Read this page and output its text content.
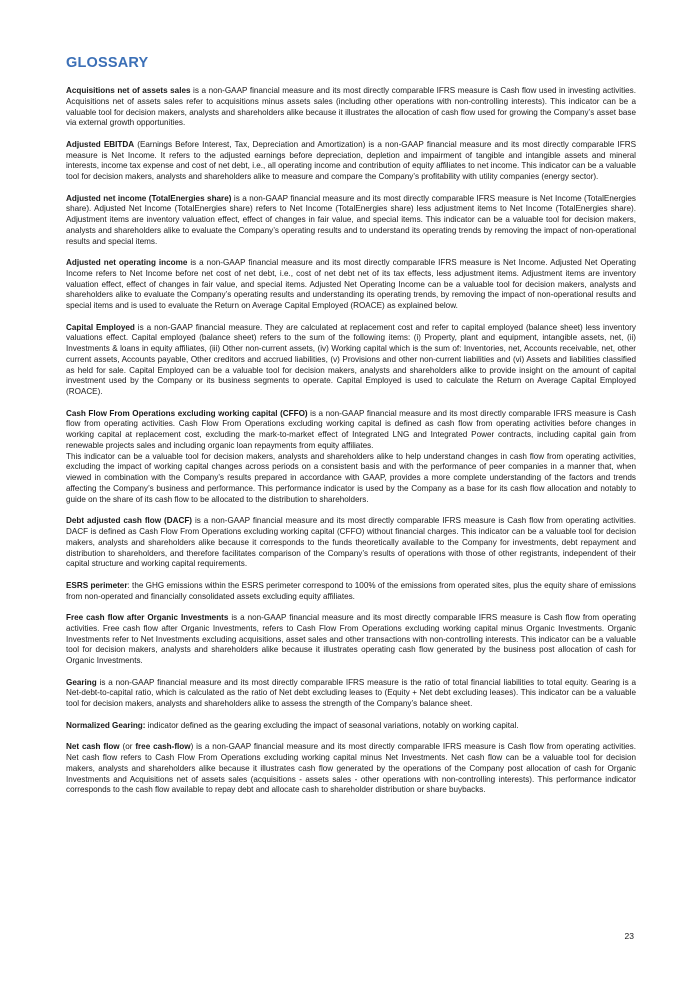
GLOSSARY

Acquisitions net of assets sales is a non-GAAP financial measure and its most directly comparable IFRS measure is Cash flow used in investing activities. Acquisitions net of assets sales refer to acquisitions minus assets sales (including other operations with non-controlling interests). This indicator can be a valuable tool for decision makers, analysts and shareholders alike because it illustrates the allocation of cash flow used for growing the Company’s asset base via external growth opportunities.

Adjusted EBITDA (Earnings Before Interest, Tax, Depreciation and Amortization) is a non-GAAP financial measure and its most directly comparable IFRS measure is Net Income. It refers to the adjusted earnings before depreciation, depletion and impairment of tangible and intangible assets and mineral interests, income tax expense and cost of net debt, i.e., all operating income and contribution of equity affiliates to net income. This indicator can be a valuable tool for decision makers, analysts and shareholders alike to measure and compare the Company’s profitability with utility companies (energy sector).

Adjusted net income (TotalEnergies share) is a non-GAAP financial measure and its most directly comparable IFRS measure is Net Income (TotalEnergies share). Adjusted Net Income (TotalEnergies share) refers to Net Income (TotalEnergies share) less adjustment items to Net Income (TotalEnergies share). Adjustment items are inventory valuation effect, effect of changes in fair value, and special items. This indicator can be a valuable tool for decision makers, analysts and shareholders alike to evaluate the Company’s operating results and to understand its operating trends by removing the impact of non-operational results and special items.

Adjusted net operating income is a non-GAAP financial measure and its most directly comparable IFRS measure is Net Income. Adjusted Net Operating Income refers to Net Income before net cost of net debt, i.e., cost of net debt net of its tax effects, less adjustment items. Adjustment items are inventory valuation effect, effect of changes in fair value, and special items. Adjusted Net Operating Income can be a valuable tool for decision makers, analysts and shareholders alike to evaluate the Company’s operating results and understanding its operating trends, by removing the impact of non-operational results and special items and is used to evaluate the Return on Average Capital Employed (ROACE) as explained below.

Capital Employed is a non-GAAP financial measure. They are calculated at replacement cost and refer to capital employed (balance sheet) less inventory valuations effect. Capital employed (balance sheet) refers to the sum of the following items: (i) Property, plant and equipment, intangible assets, net, (ii) Investments & loans in equity affiliates, (iii) Other non-current assets, (iv) Working capital which is the sum of: Inventories, net, Accounts receivable, net, other current assets, Accounts payable, Other creditors and accrued liabilities, (v) Provisions and other non-current liabilities and (vi) Assets and liabilities classified as held for sale. Capital Employed can be a valuable tool for decision makers, analysts and shareholders alike to provide insight on the amount of capital investment used by the Company or its business segments to operate. Capital Employed is used to calculate the Return on Average Capital Employed (ROACE).

Cash Flow From Operations excluding working capital (CFFO) is a non-GAAP financial measure and its most directly comparable IFRS measure is Cash flow from operating activities. Cash Flow From Operations excluding working capital is defined as cash flow from operating activities before changes in working capital at replacement cost, excluding the mark-to-market effect of Integrated LNG and Integrated Power contracts, including capital gain from renewable projects sales and including organic loan repayments from equity affiliates.
This indicator can be a valuable tool for decision makers, analysts and shareholders alike to help understand changes in cash flow from operating activities, excluding the impact of working capital changes across periods on a consistent basis and with the performance of peer companies in a manner that, when viewed in combination with the Company’s results prepared in accordance with GAAP, provides a more complete understanding of the factors and trends affecting the Company’s business and performance. This performance indicator is used by the Company as a base for its cash flow allocation and notably to guide on the share of its cash flow to be allocated to the distribution to shareholders.

Debt adjusted cash flow (DACF) is a non-GAAP financial measure and its most directly comparable IFRS measure is Cash flow from operating activities. DACF is defined as Cash Flow From Operations excluding working capital (CFFO) without financial charges. This indicator can be a valuable tool for decision makers, analysts and shareholders alike because it corresponds to the funds theoretically available to the Company for investments, debt repayment and distribution to shareholders, and therefore facilitates comparison of the Company’s results of operations with those of other registrants, independent of their capital structure and working capital requirements.

ESRS perimeter: the GHG emissions within the ESRS perimeter correspond to 100% of the emissions from operated sites, plus the equity share of emissions from non-operated and financially consolidated assets excluding equity affiliates.

Free cash flow after Organic Investments is a non-GAAP financial measure and its most directly comparable IFRS measure is Cash flow from operating activities. Free cash flow after Organic Investments, refers to Cash Flow From Operations excluding working capital minus Organic Investments. Organic Investments refer to Net Investments excluding acquisitions, asset sales and other transactions with non-controlling interests. This indicator can be a valuable tool for decision makers, analysts and shareholders alike because it illustrates operating cash flow generated by the business post allocation of cash for Organic Investments.

Gearing is a non-GAAP financial measure and its most directly comparable IFRS measure is the ratio of total financial liabilities to total equity. Gearing is a Net-debt-to-capital ratio, which is calculated as the ratio of Net debt excluding leases to (Equity + Net debt excluding leases). This indicator can be a valuable tool for decision makers, analysts and shareholders alike to assess the strength of the Company’s balance sheet.

Normalized Gearing: indicator defined as the gearing excluding the impact of seasonal variations, notably on working capital.

Net cash flow (or free cash-flow) is a non-GAAP financial measure and its most directly comparable IFRS measure is Cash flow from operating activities. Net cash flow refers to Cash Flow From Operations excluding working capital minus Net Investments. Net cash flow can be a valuable tool for decision makers, analysts and shareholders alike because it illustrates cash flow generated by the operations of the Company post allocation of cash for Organic Investments and Acquisitions net of assets sales (acquisitions - assets sales - other operations with non-controlling interests). This performance indicator corresponds to the cash flow available to repay debt and allocate cash to shareholder distribution or share buybacks.

23
